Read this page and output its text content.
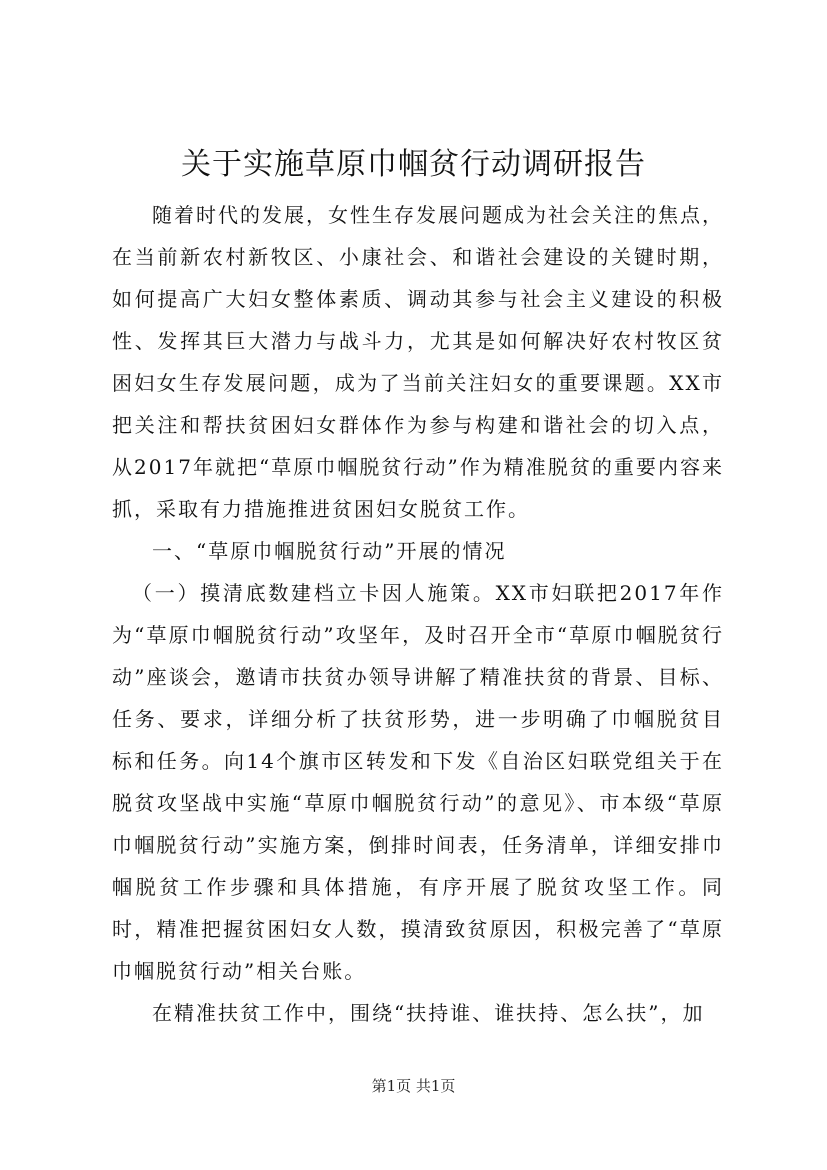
关于实施草原巾帼贫行动调研报告

随着时代的发展，女性生存发展问题成为社会关注的焦点，在当前新农村新牧区、小康社会、和谐社会建设的关键时期，如何提高广大妇女整体素质、调动其参与社会主义建设的积极性、发挥其巨大潜力与战斗力，尤其是如何解决好农村牧区贫困妇女生存发展问题，成为了当前关注妇女的重要课题。XX市把关注和帮扶贫困妇女群体作为参与构建和谐社会的切入点，从2017年就把“草原巾帼脱贫行动”作为精准脱贫的重要内容来抓，采取有力措施推进贫困妇女脱贫工作。

一、“草原巾帼脱贫行动”开展的情况

（一）摸清底数建档立卡因人施策。XX市妇联把2017年作为“草原巾帼脱贫行动”攻坚年，及时召开全市“草原巾帼脱贫行动”座谈会，邀请市扶贫办领导讲解了精准扶贫的背景、目标、任务、要求，详细分析了扶贫形势，进一步明确了巾帼脱贫目标和任务。向14个旗市区转发和下发《自治区妇联党组关于在脱贫攻坚战中实施“草原巾帼脱贫行动”的意见》、市本级“草原巾帼脱贫行动”实施方案，倒排时间表，任务清单，详细安排巾帼脱贫工作步骤和具体措施，有序开展了脱贫攻坚工作。同时，精准把握贫困妇女人数，摸清致贫原因，积极完善了“草原巾帼脱贫行动”相关台账。

在精准扶贫工作中，围绕“扶持谁、谁扶持、怎么扶”，加

第1页 共1页
